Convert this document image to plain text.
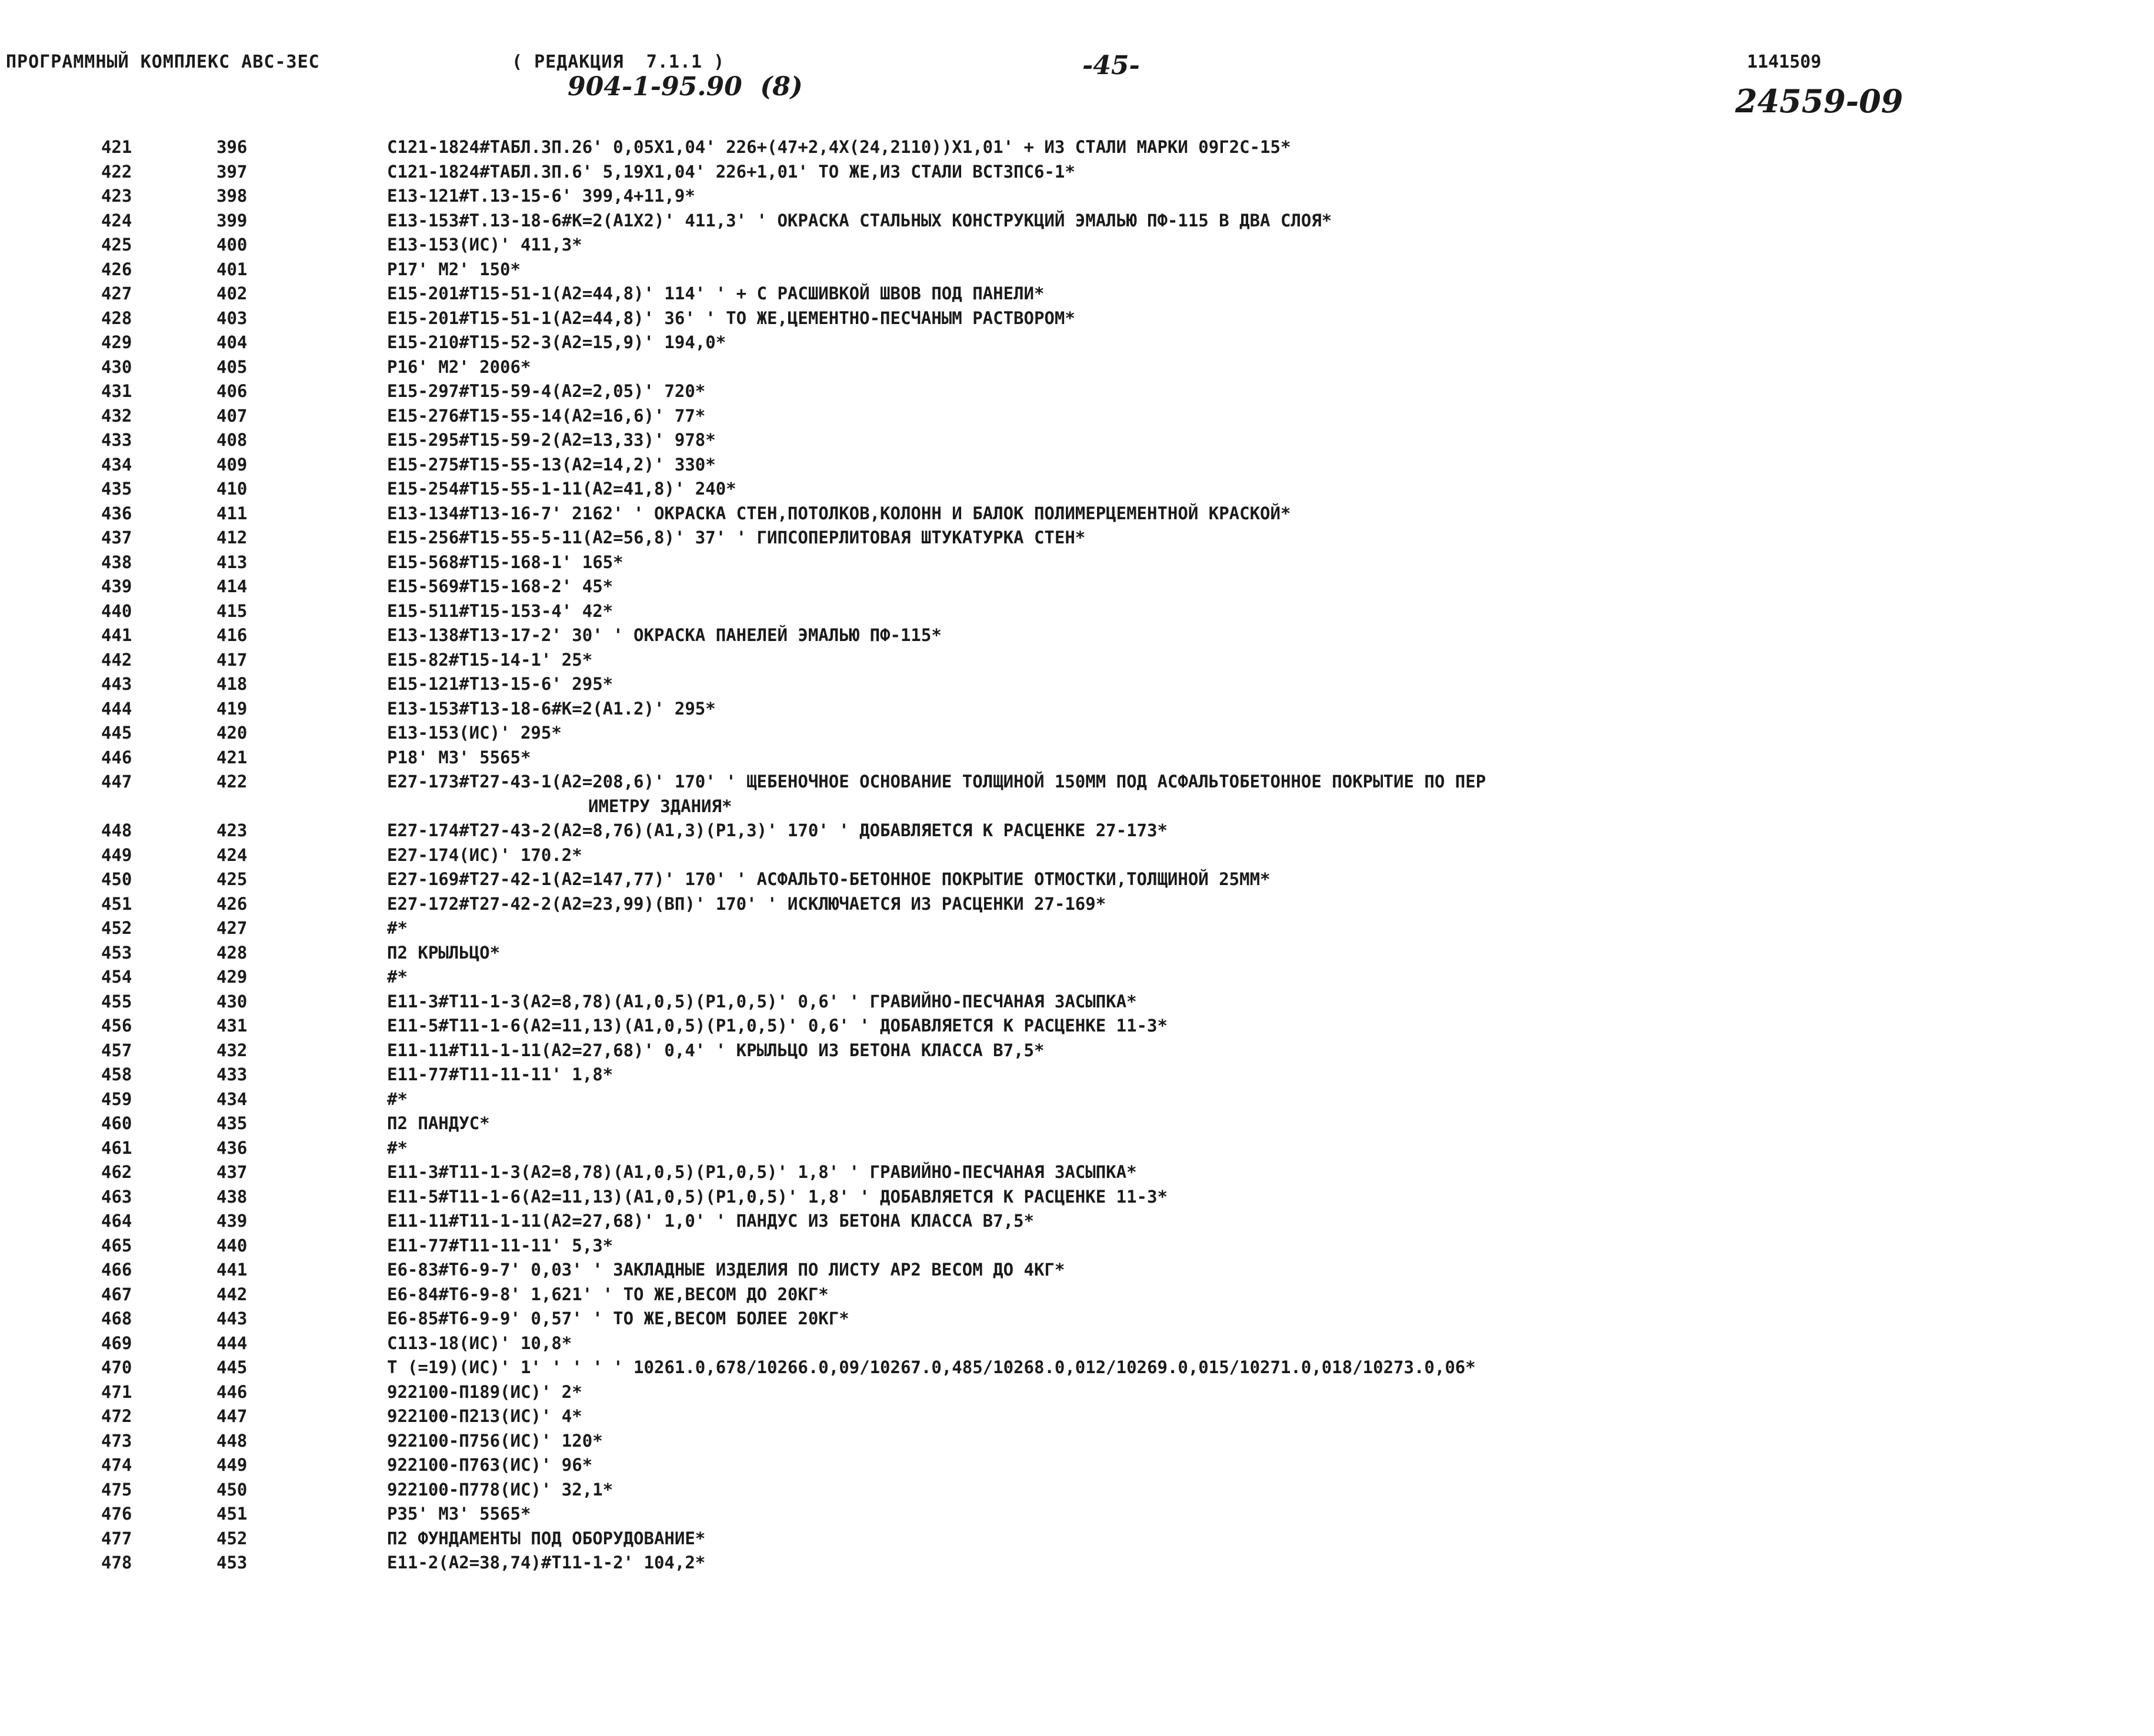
ПРОГРАММНЫЙ КОМПЛЕКС АВС-3ЕС	( РЕДАКЦИЯ  7.1.1 )
904-1-95.90  (8)
-45-	1141509
24559-09
421	396	С121-1824#ТАБЛ.3П.26' 0,05Х1,04' 226+(47+2,4Х(24,2110))Х1,01' + ИЗ СТАЛИ МАРКИ 09Г2С-15*
422	397	С121-1824#ТАБЛ.3П.6' 5,19Х1,04' 226+1,01' ТО ЖЕ,ИЗ СТАЛИ ВСТ3ПС6-1*
423	398	Е13-121#Т.13-15-6' 399,4+11,9*
424	399	Е13-153#Т.13-18-6#К=2(А1Х2)' 411,3' ' ОКРАСКА СТАЛЬНЫХ КОНСТРУКЦИЙ ЭМАЛЬЮ ПФ-115 В ДВА СЛОЯ*
425	400	Е13-153(ИС)' 411,3*
426	401	Р17' М2' 150*
427	402	Е15-201#Т15-51-1(А2=44,8)' 114' ' + С РАСШИВКОЙ ШВОВ ПОД ПАНЕЛИ*
428	403	Е15-201#Т15-51-1(А2=44,8)' 36' ' ТО ЖЕ,ЦЕМЕНТНО-ПЕСЧАНЫМ РАСТВОРОМ*
429	404	Е15-210#Т15-52-3(А2=15,9)' 194,0*
430	405	Р16' М2' 2006*
431	406	Е15-297#Т15-59-4(А2=2,05)' 720*
432	407	Е15-276#Т15-55-14(А2=16,6)' 77*
433	408	Е15-295#Т15-59-2(А2=13,33)' 978*
434	409	Е15-275#Т15-55-13(А2=14,2)' 330*
435	410	Е15-254#Т15-55-1-11(А2=41,8)' 240*
436	411	Е13-134#Т13-16-7' 2162' ' ОКРАСКА СТЕН,ПОТОЛКОВ,КОЛОНН И БАЛОК ПОЛИМЕРЦЕМЕНТНОЙ КРАСКОЙ*
437	412	Е15-256#Т15-55-5-11(А2=56,8)' 37' ' ГИПСОПЕРЛИТОВАЯ ШТУКАТУРКА СТЕН*
438	413	Е15-568#Т15-168-1' 165*
439	414	Е15-569#Т15-168-2' 45*
440	415	Е15-511#Т15-153-4' 42*
441	416	Е13-138#Т13-17-2' 30' ' ОКРАСКА ПАНЕЛЕЙ ЭМАЛЬЮ ПФ-115*
442	417	Е15-82#Т15-14-1' 25*
443	418	Е15-121#Т13-15-6' 295*
444	419	Е13-153#Т13-18-6#К=2(А1.2)' 295*
445	420	Е13-153(ИС)' 295*
446	421	Р18' М3' 5565*
447	422	Е27-173#Т27-43-1(А2=208,6)' 170' ' ЩЕБЕНОЧНОЕ ОСНОВАНИЕ ТОЛЩИНОЙ 150ММ ПОД АСФАЛЬТОБЕТОННОЕ ПОКРЫТИЕ ПО ПЕР
ИМЕТРУ ЗДАНИЯ*
448	423	Е27-174#Т27-43-2(А2=8,76)(А1,3)(Р1,3)' 170' ' ДОБАВЛЯЕТСЯ К РАСЦЕНКЕ 27-173*
449	424	Е27-174(ИС)' 170.2*
450	425	Е27-169#Т27-42-1(А2=147,77)' 170' ' АСФАЛЬТО-БЕТОННОЕ ПОКРЫТИЕ ОТМОСТКИ,ТОЛЩИНОЙ 25ММ*
451	426	Е27-172#Т27-42-2(А2=23,99)(ВП)' 170' ' ИСКЛЮЧАЕТСЯ ИЗ РАСЦЕНКИ 27-169*
452	427	#*
453	428	П2 КРЫЛЬЦО*
454	429	#*
455	430	Е11-3#Т11-1-3(А2=8,78)(А1,0,5)(Р1,0,5)' 0,6' ' ГРАВИЙНО-ПЕСЧАНАЯ ЗАСЫПКА*
456	431	Е11-5#Т11-1-6(А2=11,13)(А1,0,5)(Р1,0,5)' 0,6' ' ДОБАВЛЯЕТСЯ К РАСЦЕНКЕ 11-3*
457	432	Е11-11#Т11-1-11(А2=27,68)' 0,4' ' КРЫЛЬЦО ИЗ БЕТОНА КЛАССА В7,5*
458	433	Е11-77#Т11-11-11' 1,8*
459	434	#*
460	435	П2 ПАНДУС*
461	436	#*
462	437	Е11-3#Т11-1-3(А2=8,78)(А1,0,5)(Р1,0,5)' 1,8' ' ГРАВИЙНО-ПЕСЧАНАЯ ЗАСЫПКА*
463	438	Е11-5#Т11-1-6(А2=11,13)(А1,0,5)(Р1,0,5)' 1,8' ' ДОБАВЛЯЕТСЯ К РАСЦЕНКЕ 11-3*
464	439	Е11-11#Т11-1-11(А2=27,68)' 1,0' ' ПАНДУС ИЗ БЕТОНА КЛАССА В7,5*
465	440	Е11-77#Т11-11-11' 5,3*
466	441	Е6-83#Т6-9-7' 0,03' ' ЗАКЛАДНЫЕ ИЗДЕЛИЯ ПО ЛИСТУ АР2 ВЕСОМ ДО 4КГ*
467	442	Е6-84#Т6-9-8' 1,621' ' ТО ЖЕ,ВЕСОМ ДО 20КГ*
468	443	Е6-85#Т6-9-9' 0,57' ' ТО ЖЕ,ВЕСОМ БОЛЕЕ 20КГ*
469	444	С113-18(ИС)' 10,8*
470	445	Т (=19)(ИС)' 1' ' ' ' ' 10261.0,678/10266.0,09/10267.0,485/10268.0,012/10269.0,015/10271.0,018/10273.0,06*
471	446	922100-П189(ИС)' 2*
472	447	922100-П213(ИС)' 4*
473	448	922100-П756(ИС)' 120*
474	449	922100-П763(ИС)' 96*
475	450	922100-П778(ИС)' 32,1*
476	451	Р35' М3' 5565*
477	452	П2 ФУНДАМЕНТЫ ПОД ОБОРУДОВАНИЕ*
478	453	Е11-2(А2=38,74)#Т11-1-2' 104,2*
